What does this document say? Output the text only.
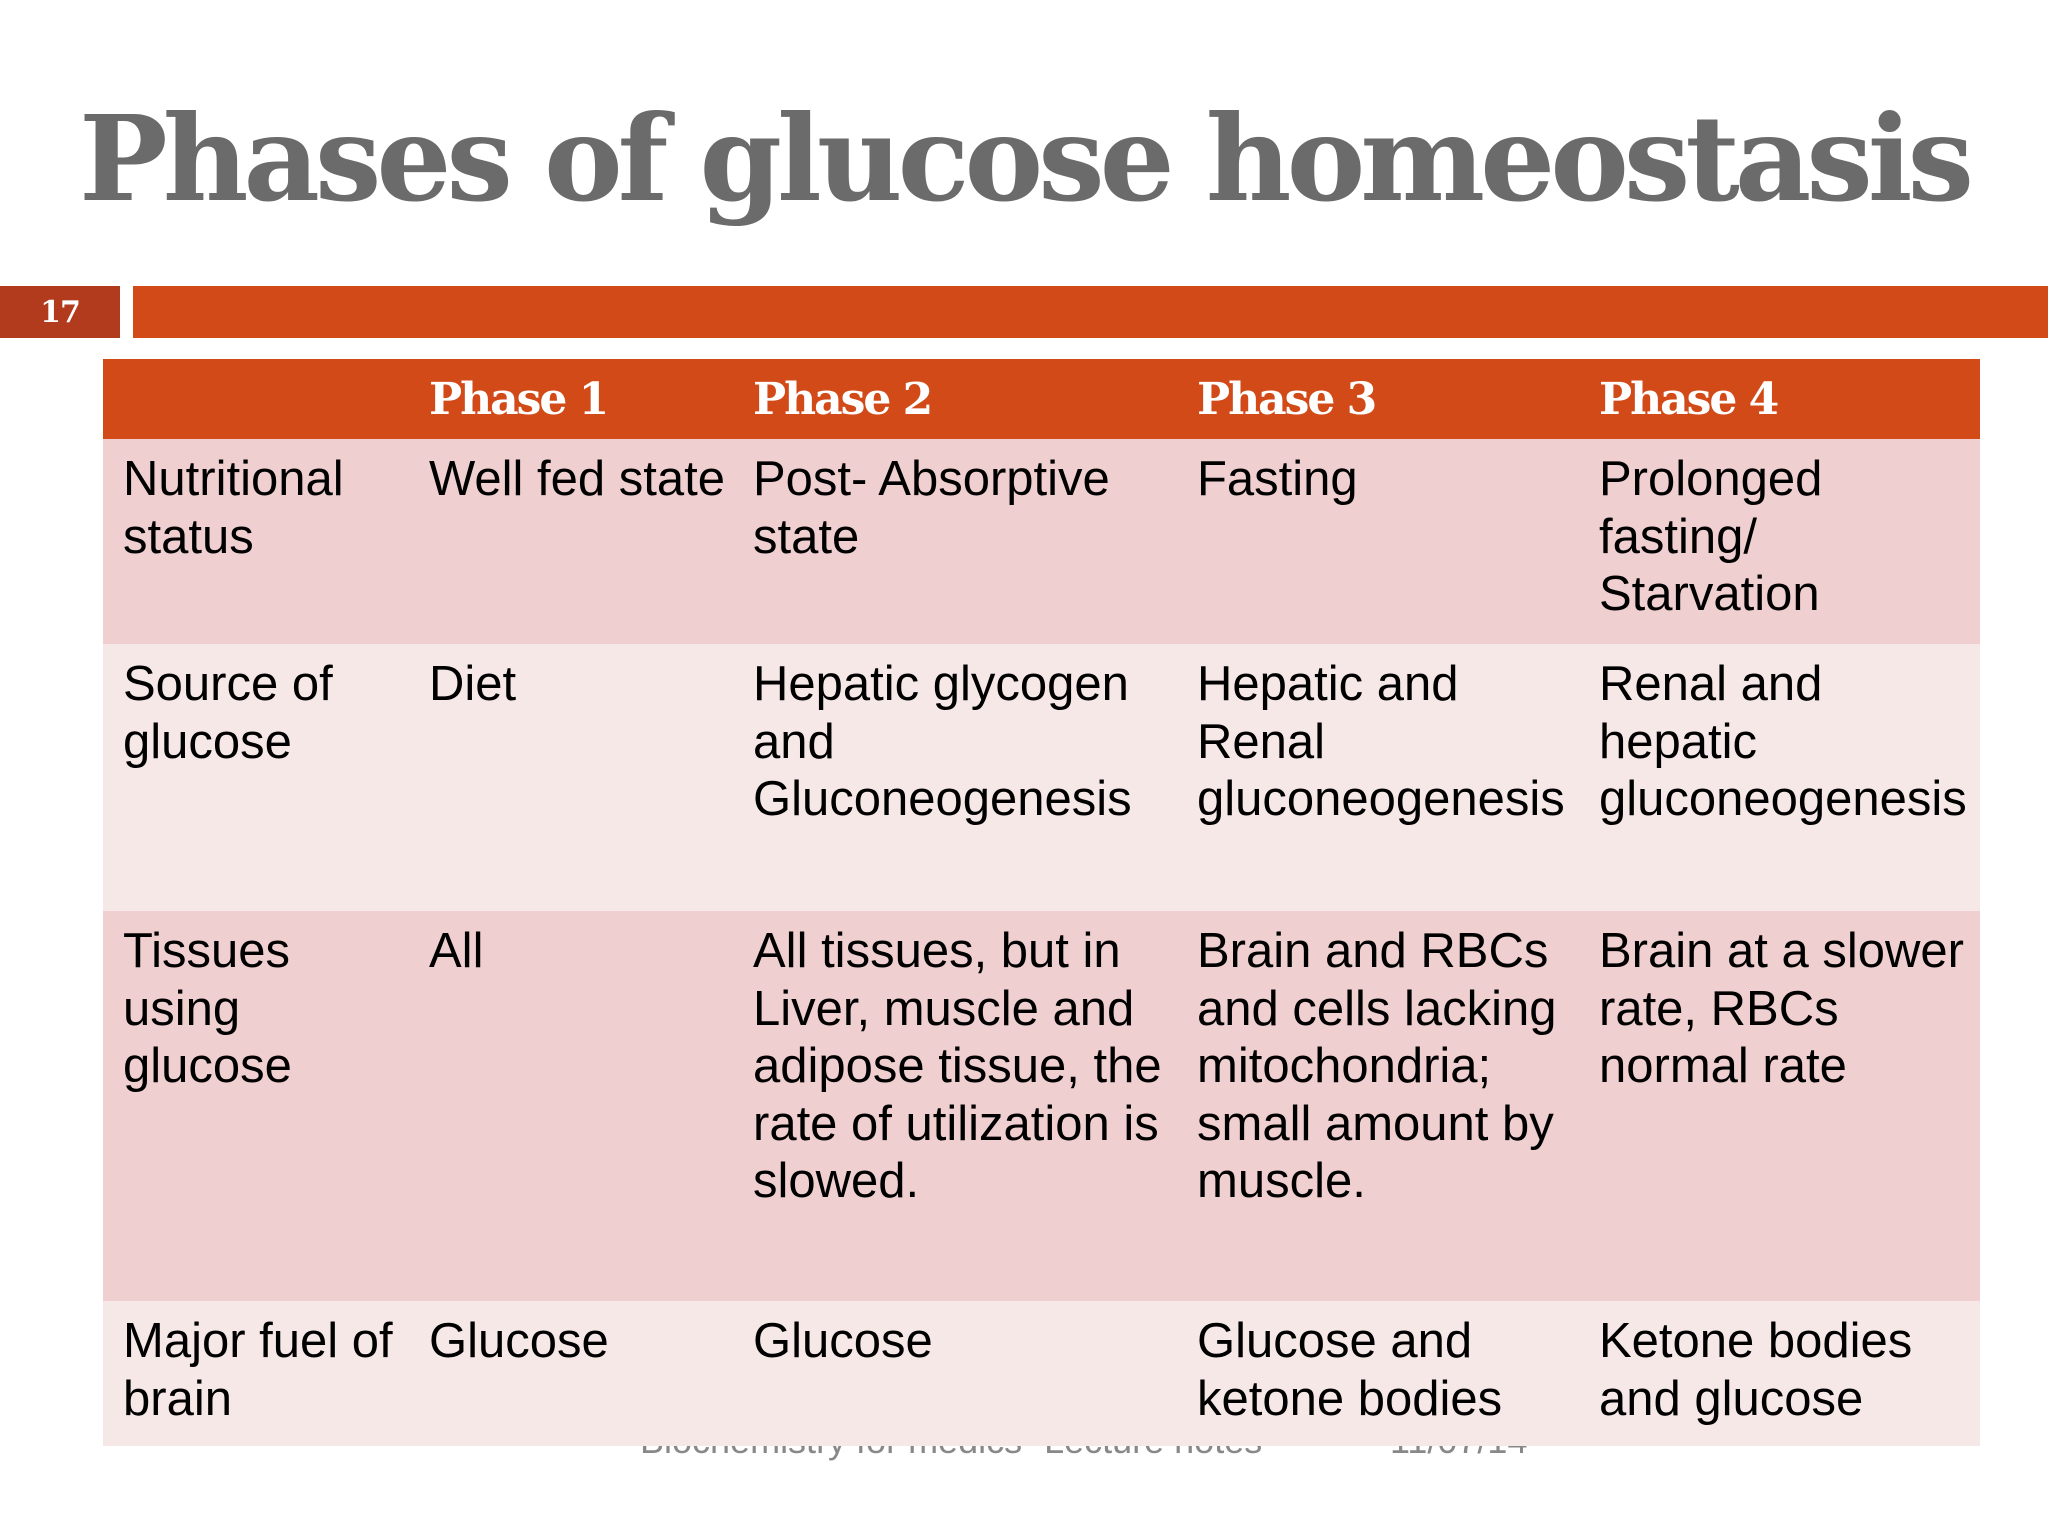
Phases of glucose homeostasis
17
Biochemistry for medics- Lecture notes	11/07/14
	Phase 1	Phase 2	Phase 3	Phase 4
Nutritional status	Well fed state	Post- Absorptive state	Fasting	Prolonged fasting/ Starvation
Source of glucose	Diet	Hepatic glycogen and Gluconeogenesis	Hepatic and Renal gluconeogenesis	Renal and hepatic gluconeogenesis
Tissues using glucose	All	All tissues, but in Liver, muscle and adipose tissue, the rate of utilization is slowed.	Brain and RBCs and cells lacking mitochondria; small amount by muscle.	Brain at a slower rate, RBCs normal rate
Major fuel of brain	Glucose	Glucose	Glucose and ketone bodies	Ketone bodies and glucose
